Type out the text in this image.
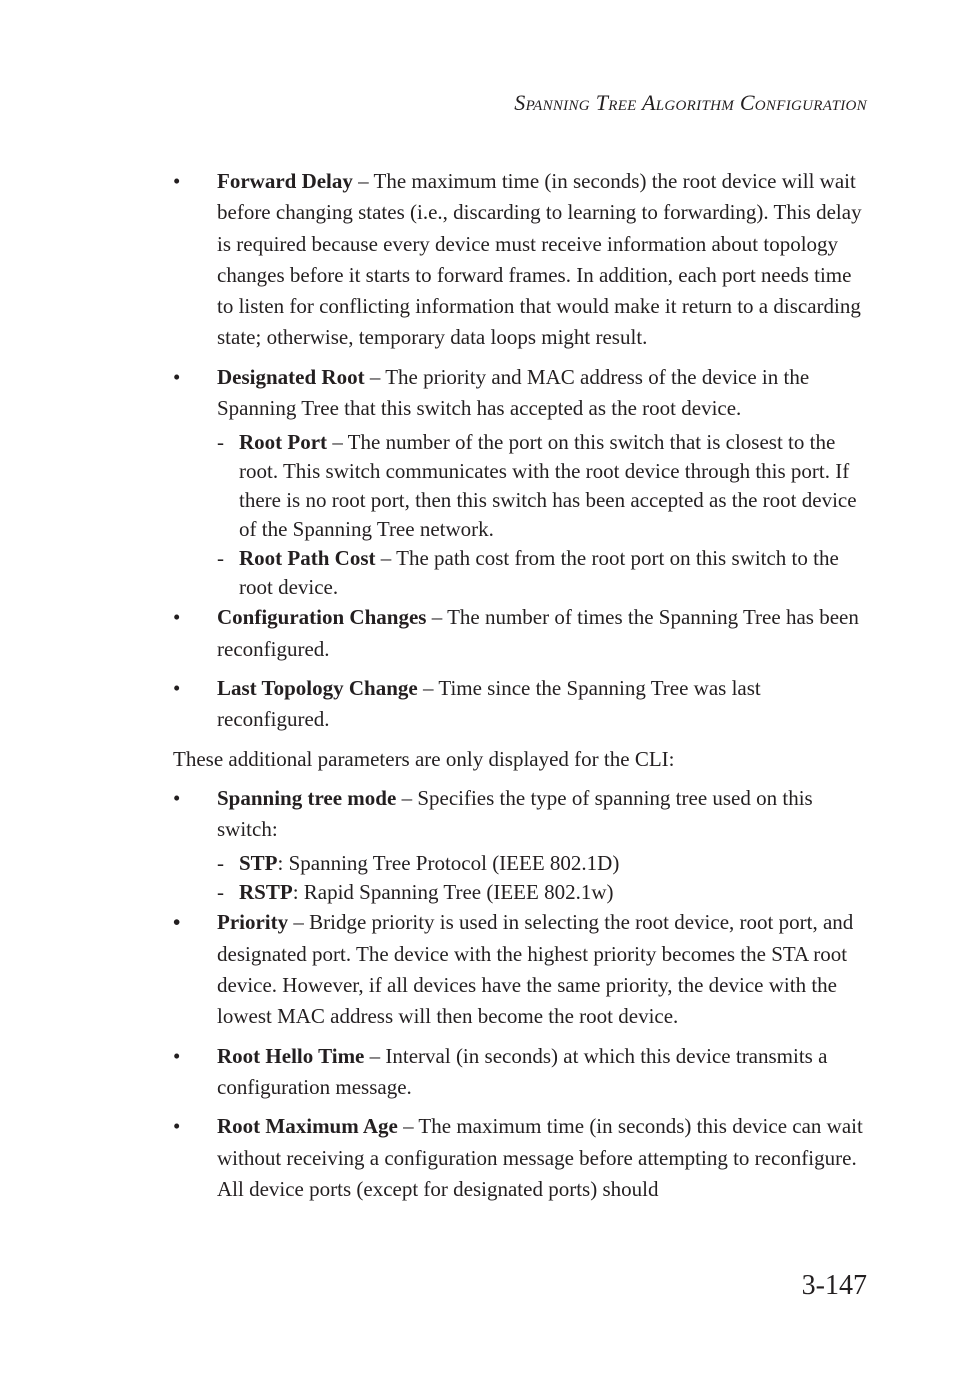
Spanning Tree Algorithm Configuration
• Forward Delay – The maximum time (in seconds) the root device will wait before changing states (i.e., discarding to learning to forwarding). This delay is required because every device must receive information about topology changes before it starts to forward frames. In addition, each port needs time to listen for conflicting information that would make it return to a discarding state; otherwise, temporary data loops might result.
• Designated Root – The priority and MAC address of the device in the Spanning Tree that this switch has accepted as the root device.
- Root Port – The number of the port on this switch that is closest to the root. This switch communicates with the root device through this port. If there is no root port, then this switch has been accepted as the root device of the Spanning Tree network.
- Root Path Cost – The path cost from the root port on this switch to the root device.
• Configuration Changes – The number of times the Spanning Tree has been reconfigured.
• Last Topology Change – Time since the Spanning Tree was last reconfigured.

These additional parameters are only displayed for the CLI:

• Spanning tree mode – Specifies the type of spanning tree used on this switch:
- STP: Spanning Tree Protocol (IEEE 802.1D)
- RSTP: Rapid Spanning Tree (IEEE 802.1w)
• Priority – Bridge priority is used in selecting the root device, root port, and designated port. The device with the highest priority becomes the STA root device. However, if all devices have the same priority, the device with the lowest MAC address will then become the root device.
• Root Hello Time – Interval (in seconds) at which this device transmits a configuration message.
• Root Maximum Age – The maximum time (in seconds) this device can wait without receiving a configuration message before attempting to reconfigure. All device ports (except for designated ports) should
3-147
